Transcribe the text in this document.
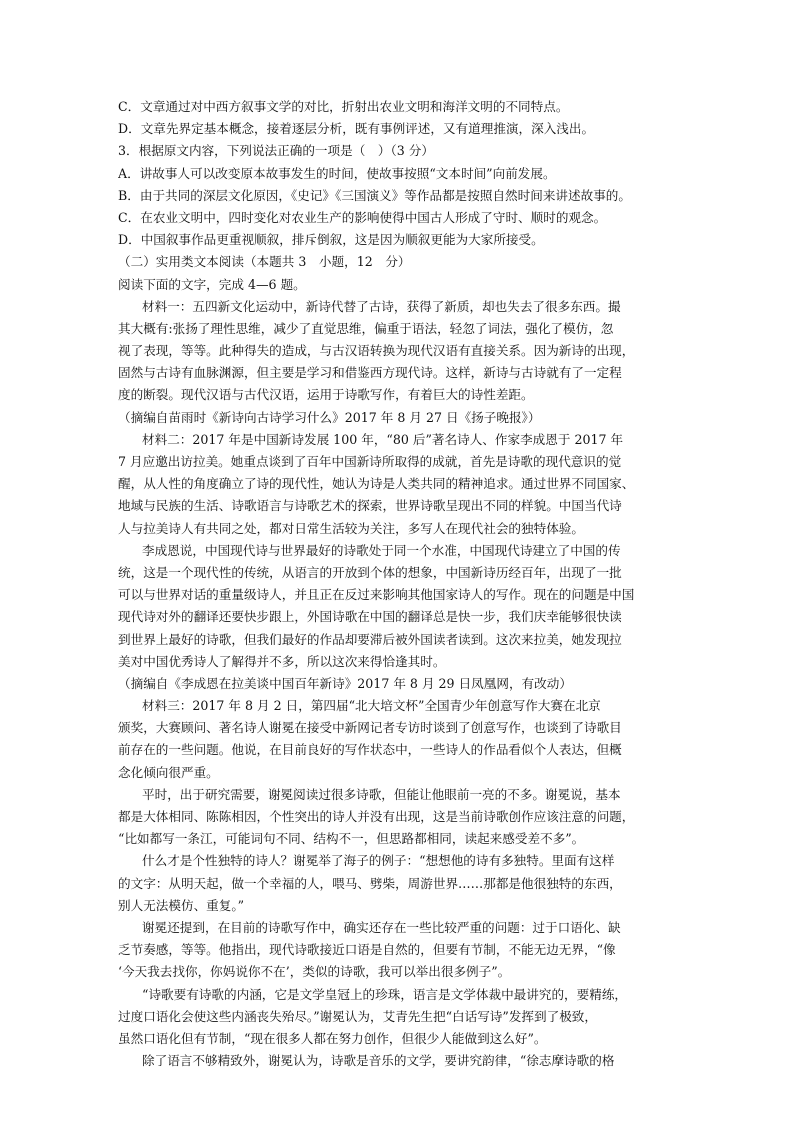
C．文章通过对中西方叙事文学的对比，折射出农业文明和海洋文明的不同特点。
D．文章先界定基本概念，接着逐层分析，既有事例评述，又有道理推演，深入浅出。
3．根据原文内容，下列说法正确的一项是（　）（3 分）
A．讲故事人可以改变原本故事发生的时间，使故事按照“文本时间”向前发展。
B．由于共同的深层文化原因，《史记》《三国演义》等作品都是按照自然时间来讲述故事的。
C．在农业文明中，四时变化对农业生产的影响使得中国古人形成了守时、顺时的观念。
D．中国叙事作品更重视顺叙，排斥倒叙，这是因为顺叙更能为大家所接受。
（二）实用类文本阅读（本题共 3　小题，12　分）
阅读下面的文字，完成 4—6 题。
材料一：五四新文化运动中，新诗代替了古诗，获得了新质，却也失去了很多东西。撮
其大概有:张扬了理性思维，减少了直觉思维，偏重于语法，轻忽了词法，强化了模仿，忽
视了表现，等等。此种得失的造成，与古汉语转换为现代汉语有直接关系。因为新诗的出现，
固然与古诗有血脉渊源，但主要是学习和借鉴西方现代诗。这样，新诗与古诗就有了一定程
度的断裂。现代汉语与古代汉语，运用于诗歌写作，有着巨大的诗性差距。
（摘编自苗雨时《新诗向古诗学习什么》2017 年 8 月 27 日《扬子晚报》）
材料二：2017 年是中国新诗发展 100 年，“80 后”著名诗人、作家李成恩于 2017 年
7 月应邀出访拉美。她重点谈到了百年中国新诗所取得的成就，首先是诗歌的现代意识的觉
醒，从人性的角度确立了诗的现代性，她认为诗是人类共同的精神追求。通过世界不同国家、
地域与民族的生活、诗歌语言与诗歌艺术的探索，世界诗歌呈现出不同的样貌。中国当代诗
人与拉美诗人有共同之处，都对日常生活较为关注，多写人在现代社会的独特体验。
李成恩说，中国现代诗与世界最好的诗歌处于同一个水准，中国现代诗建立了中国的传
统，这是一个现代性的传统，从语言的开放到个体的想象，中国新诗历经百年，出现了一批
可以与世界对话的重量级诗人，并且正在反过来影响其他国家诗人的写作。现在的问题是中国
现代诗对外的翻译还要快步跟上，外国诗歌在中国的翻译总是快一步，我们庆幸能够很快读
到世界上最好的诗歌，但我们最好的作品却要滞后被外国读者读到。这次来拉美，她发现拉
美对中国优秀诗人了解得并不多，所以这次来得恰逢其时。
（摘编自《李成恩在拉美谈中国百年新诗》2017 年 8 月 29 日凤凰网，有改动）
材料三：2017 年 8 月 2 日，第四届“北大培文杯”全国青少年创意写作大赛在北京
颁奖，大赛顾问、著名诗人谢冕在接受中新网记者专访时谈到了创意写作，也谈到了诗歌目
前存在的一些问题。他说，在目前良好的写作状态中，一些诗人的作品看似个人表达，但概
念化倾向很严重。
平时，出于研究需要，谢冕阅读过很多诗歌，但能让他眼前一亮的不多。谢冕说，基本
都是大体相同、陈陈相因，个性突出的诗人并没有出现，这是当前诗歌创作应该注意的问题，
“比如都写一条江，可能词句不同、结构不一，但思路都相同，读起来感受差不多”。
什么才是个性独特的诗人？谢冕举了海子的例子：“想想他的诗有多独特。里面有这样
的文字：从明天起，做一个幸福的人，喂马、劈柴，周游世界……那都是他很独特的东西，
别人无法模仿、重复。”
谢冕还提到，在目前的诗歌写作中，确实还存在一些比较严重的问题：过于口语化、缺
乏节奏感，等等。他指出，现代诗歌接近口语是自然的，但要有节制，不能无边无界，“像
‘今天我去找你，你妈说你不在’，类似的诗歌，我可以举出很多例子”。
“诗歌要有诗歌的内涵，它是文学皇冠上的珍珠，语言是文学体裁中最讲究的，要精练，
过度口语化会使这些内涵丧失殆尽。”谢冕认为，艾青先生把“白话写诗”发挥到了极致，
虽然口语化但有节制，“现在很多人都在努力创作，但很少人能做到这么好”。
除了语言不够精致外，谢冕认为，诗歌是音乐的文学，要讲究韵律，“徐志摩诗歌的格
